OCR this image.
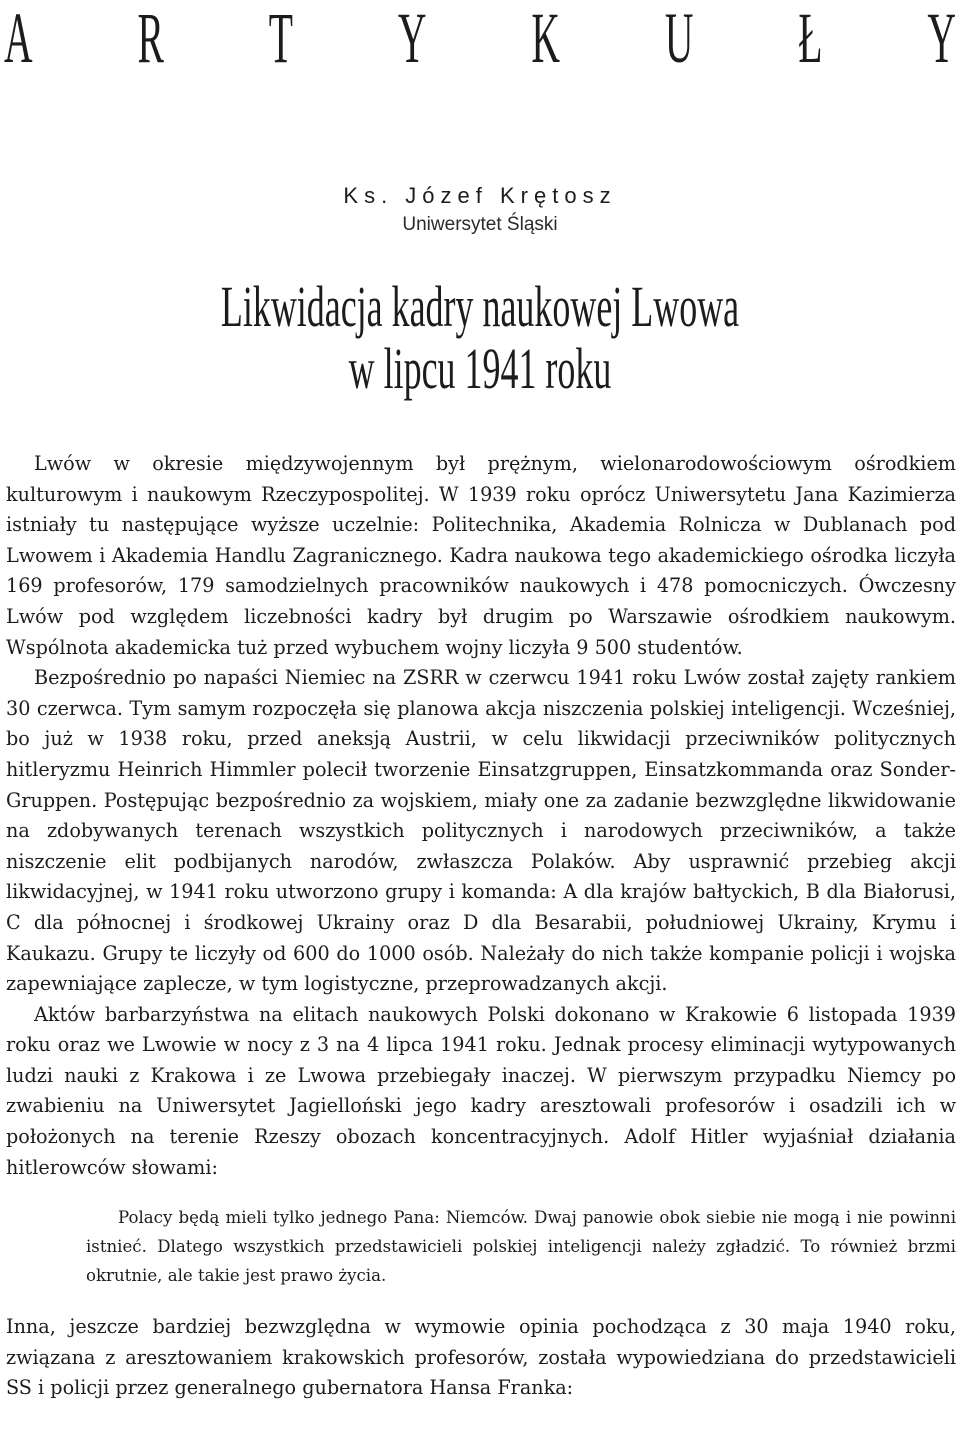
A R T Y K U Ł Y
Ks. Józef Krętosz
Uniwersytet Śląski
Likwidacja kadry naukowej Lwowa
w lipcu 1941 roku

Lwów w okresie międzywojennym był prężnym, wielonarodowościowym ośrodkiem kulturowym i naukowym Rzeczypospolitej. W 1939 roku oprócz Uniwersytetu Jana Kazimierza istniały tu następujące wyższe uczelnie: Politechnika, Akademia Rolnicza w Dublanach pod Lwowem i Akademia Handlu Zagranicznego. Kadra naukowa tego akademickiego ośrodka liczyła 169 profesorów, 179 samodzielnych pracowników naukowych i 478 pomocniczych. Ówczesny Lwów pod względem liczebności kadry był drugim po Warszawie ośrodkiem naukowym. Wspólnota akademicka tuż przed wybuchem wojny liczyła 9 500 studentów.

Bezpośrednio po napaści Niemiec na ZSRR w czerwcu 1941 roku Lwów został zajęty rankiem 30 czerwca. Tym samym rozpoczęła się planowa akcja niszczenia polskiej inteligencji. Wcześniej, bo już w 1938 roku, przed aneksją Austrii, w celu likwidacji przeciwników politycznych hitleryzmu Heinrich Himmler polecił tworzenie Einsatzgruppen, Einsatzkommanda oraz Sonder-Gruppen. Postępując bezpośrednio za wojskiem, miały one za zadanie bezwzględne likwidowanie na zdobywanych terenach wszystkich politycznych i narodowych przeciwników, a także niszczenie elit podbijanych narodów, zwłaszcza Polaków. Aby usprawnić przebieg akcji likwidacyjnej, w 1941 roku utworzono grupy i komanda: A dla krajów bałtyckich, B dla Białorusi, C dla północnej i środkowej Ukrainy oraz D dla Besarabii, południowej Ukrainy, Krymu i Kaukazu. Grupy te liczyły od 600 do 1000 osób. Należały do nich także kompanie policji i wojska zapewniające zaplecze, w tym logistyczne, przeprowadzanych akcji.

Aktów barbarzyństwa na elitach naukowych Polski dokonano w Krakowie 6 listopada 1939 roku oraz we Lwowie w nocy z 3 na 4 lipca 1941 roku. Jednak procesy eliminacji wytypowanych ludzi nauki z Krakowa i ze Lwowa przebiegały inaczej. W pierwszym przypadku Niemcy po zwabieniu na Uniwersytet Jagielloński jego kadry aresztowali profesorów i osadzili ich w położonych na terenie Rzeszy obozach koncentracyjnych. Adolf Hitler wyjaśniał działania hitlerowców słowami:

Polacy będą mieli tylko jednego Pana: Niemców. Dwaj panowie obok siebie nie mogą i nie powinni istnieć. Dlatego wszystkich przedstawicieli polskiej inteligencji należy zgładzić. To również brzmi okrutnie, ale takie jest prawo życia.

Inna, jeszcze bardziej bezwzględna w wymowie opinia pochodząca z 30 maja 1940 roku, związana z aresztowaniem krakowskich profesorów, została wypowiedziana do przedstawicieli SS i policji przez generalnego gubernatora Hansa Franka:
